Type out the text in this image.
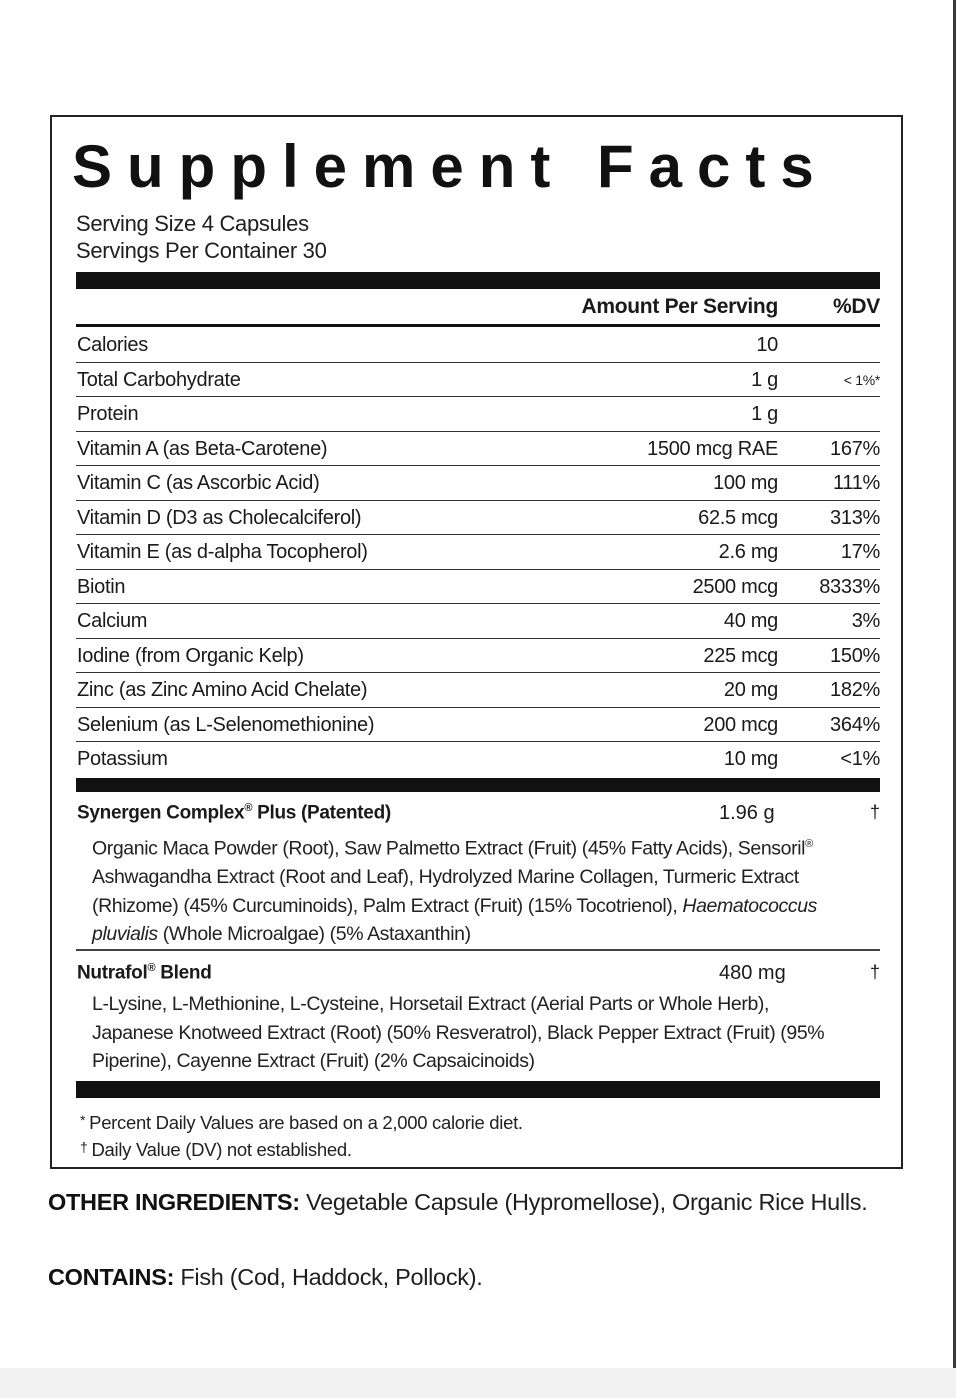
Supplement Facts
Serving Size 4 Capsules
Servings Per Container 30
Amount Per Serving	%DV
Calories	10
Total Carbohydrate	1 g	< 1%*
Protein	1 g
Vitamin A (as Beta-Carotene)	1500 mcg RAE	167%
Vitamin C (as Ascorbic Acid)	100 mg	111%
Vitamin D (D3 as Cholecalciferol)	62.5 mcg	313%
Vitamin E (as d-alpha Tocopherol)	2.6 mg	17%
Biotin	2500 mcg 8333%
Calcium	40 mg	3%
Iodine (from Organic Kelp)	225 mcg	150%
Zinc (as Zinc Amino Acid Chelate)	20 mg	182%
Selenium (as L-Selenomethionine)	200 mcg	364%
Potassium	10 mg	<1%
Synergen Complex® Plus (Patented)	1.96 g	†
Organic Maca Powder (Root), Saw Palmetto Extract (Fruit) (45% Fatty Acids), Sensoril® Ashwagandha Extract (Root and Leaf), Hydrolyzed Marine Collagen, Turmeric Extract (Rhizome) (45% Curcuminoids), Palm Extract (Fruit) (15% Tocotrienol), Haematococcus pluvialis (Whole Microalgae) (5% Astaxanthin)
Nutrafol® Blend	480 mg	†
L-Lysine, L-Methionine, L-Cysteine, Horsetail Extract (Aerial Parts or Whole Herb), Japanese Knotweed Extract (Root) (50% Resveratrol), Black Pepper Extract (Fruit) (95% Piperine), Cayenne Extract (Fruit) (2% Capsaicinoids)
* Percent Daily Values are based on a 2,000 calorie diet.
† Daily Value (DV) not established.
OTHER INGREDIENTS: Vegetable Capsule (Hypromellose), Organic Rice Hulls.
CONTAINS: Fish (Cod, Haddock, Pollock).
